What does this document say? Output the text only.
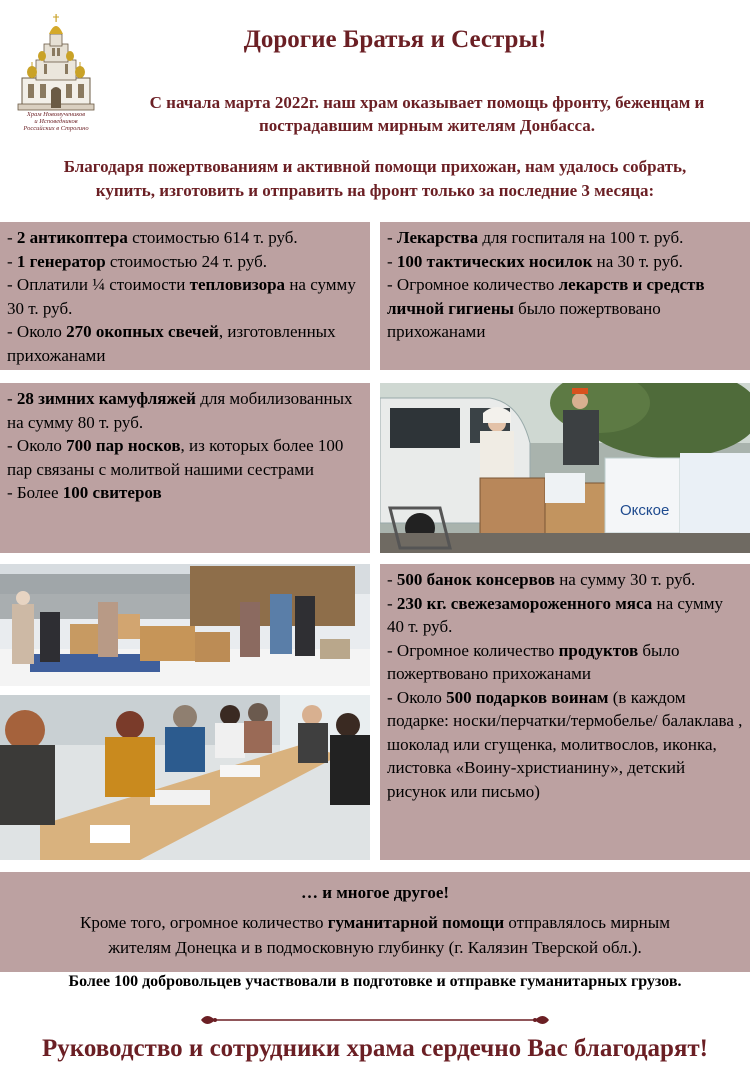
Храм Новомучеников
и Исповедников
Российских в Строгино
Дорогие Братья и Сестры!
С начала марта 2022г. наш храм оказывает помощь фронту, беженцам и пострадавшим мирным жителям Донбасса.
Благодаря пожертвованиям и активной помощи прихожан, нам удалось собрать,
купить, изготовить и отправить на фронт только за последние 3 месяца:

- 2 антикоптера стоимостью 614 т. руб.

- 1 генератор стоимостью 24 т. руб.

- Оплатили ¼ стоимости тепловизора на сумму 30 т. руб.

- Около 270 окопных свечей, изготовленных прихожанами

- Лекарства для госпиталя на 100 т. руб.

- 100 тактических носилок на 30 т. руб.

- Огромное количество лекарств и средств личной гигиены было пожертвовано прихожанами

- 28 зимних камуфляжей для мобилизованных на сумму 80 т. руб.

- Около 700 пар носков, из которых более 100 пар связаны с молитвой нашими сестрами

- Более 100 свитеров

Окское

- 500 банок консервов на сумму 30 т. руб.

- 230 кг. свежезамороженного мяса на сумму 40 т. руб.

- Огромное количество продуктов было пожертвовано прихожанами

- Около 500 подарков воинам (в каждом подарке: носки/перчатки/термобелье/ балаклава , шоколад или сгущенка, молитвослов, иконка, листовка «Воину-христианину», детский рисунок или письмо)

… и многое другое!
Кроме того, огромное количество гуманитарной помощи отправлялось мирным
жителям Донецка и в подмосковную глубинку (г. Калязин Тверской обл.).
Более 100 добровольцев участвовали в подготовке и отправке гуманитарных грузов.
Руководство и сотрудники храма сердечно Вас благодарят!
